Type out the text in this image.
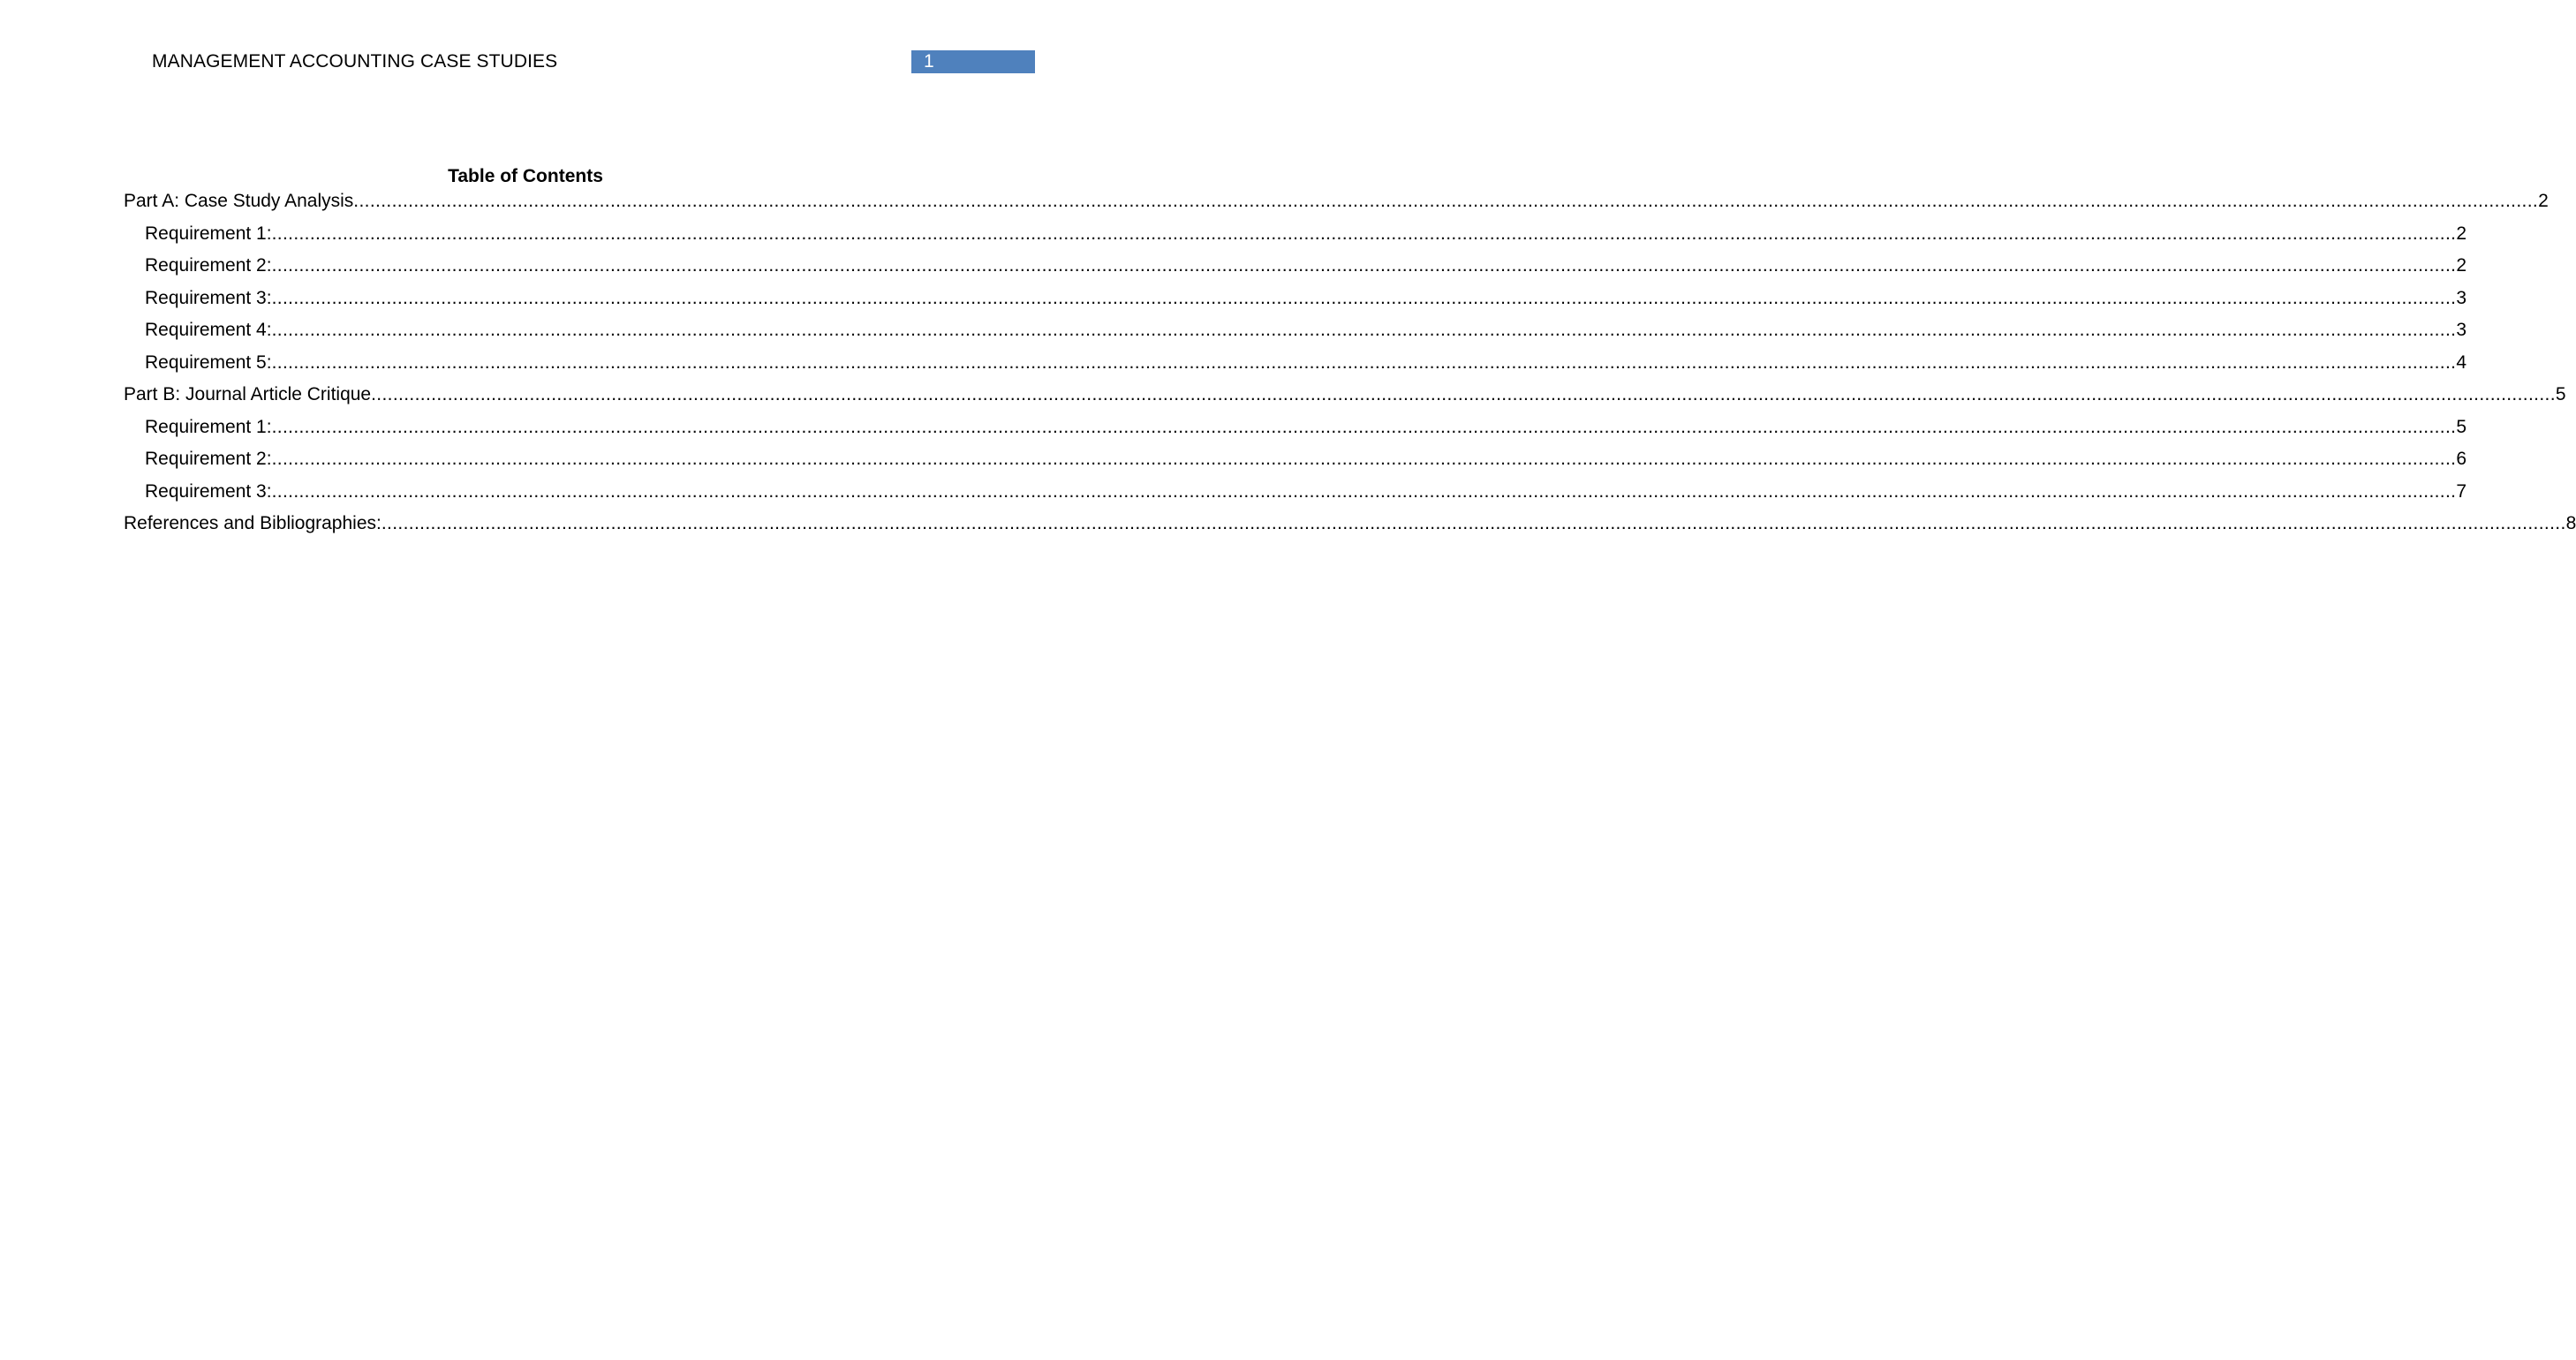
MANAGEMENT ACCOUNTING CASE STUDIES	1
Table of Contents
Part A: Case Study Analysis ................................................................................................................................................................................................................................................................................................................................................................................................................ 2
Requirement 1: ................................................................................................................................................................................................................................................................................................................................................................................................................ 2
Requirement 2: ................................................................................................................................................................................................................................................................................................................................................................................................................ 2
Requirement 3: ................................................................................................................................................................................................................................................................................................................................................................................................................ 3
Requirement 4: ................................................................................................................................................................................................................................................................................................................................................................................................................ 3
Requirement 5: ................................................................................................................................................................................................................................................................................................................................................................................................................ 4
Part B: Journal Article Critique ................................................................................................................................................................................................................................................................................................................................................................................................................ 5
Requirement 1: ................................................................................................................................................................................................................................................................................................................................................................................................................ 5
Requirement 2: ................................................................................................................................................................................................................................................................................................................................................................................................................ 6
Requirement 3: ................................................................................................................................................................................................................................................................................................................................................................................................................ 7
References and Bibliographies: ................................................................................................................................................................................................................................................................................................................................................................................................................ 8
